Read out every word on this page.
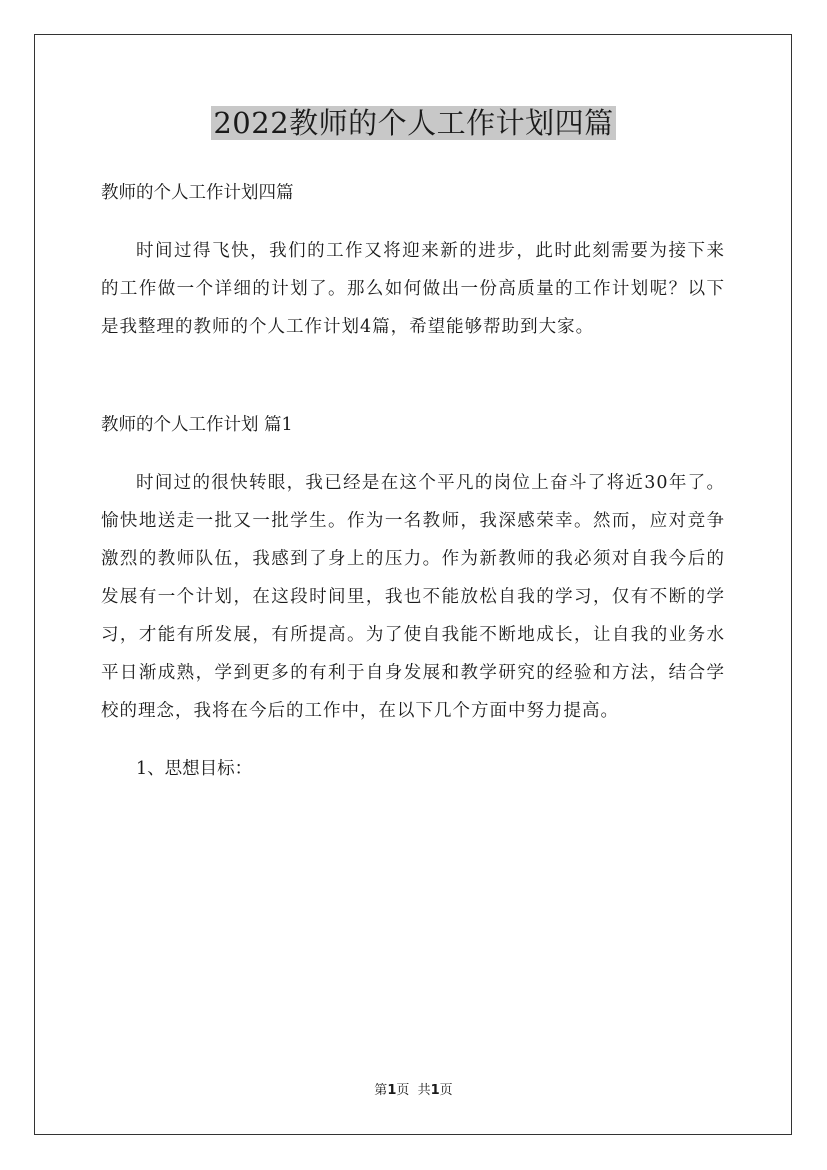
2022教师的个人工作计划四篇

教师的个人工作计划四篇

时间过得飞快，我们的工作又将迎来新的进步，此时此刻需要为接下来的工作做一个详细的计划了。那么如何做出一份高质量的工作计划呢？以下是我整理的教师的个人工作计划4篇，希望能够帮助到大家。

教师的个人工作计划 篇1

时间过的很快转眼，我已经是在这个平凡的岗位上奋斗了将近30年了。愉快地送走一批又一批学生。作为一名教师，我深感荣幸。然而，应对竞争激烈的教师队伍，我感到了身上的压力。作为新教师的我必须对自我今后的发展有一个计划，在这段时间里，我也不能放松自我的学习，仅有不断的学习，才能有所发展，有所提高。为了使自我能不断地成长，让自我的业务水平日渐成熟，学到更多的有利于自身发展和教学研究的经验和方法，结合学校的理念，我将在今后的工作中，在以下几个方面中努力提高。

1、思想目标：

第1页  共1页
